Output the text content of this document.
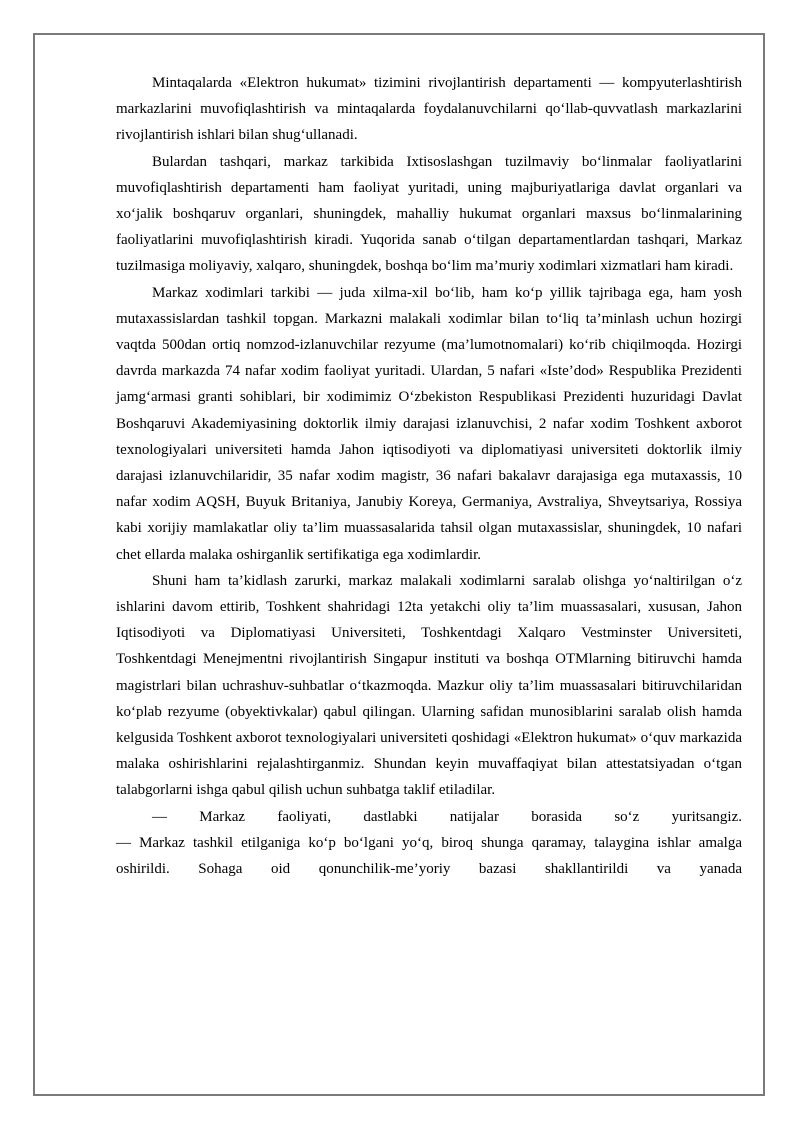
Mintaqalarda «Elektron hukumat» tizimini rivojlantirish departamenti — kompyuterlashtirish markazlarini muvofiqlashtirish va mintaqalarda foydalanuvchilarni qo‘llab-quvvatlash markazlarini rivojlantirish ishlari bilan shug‘ullanadi.

Bulardan tashqari, markaz tarkibida Ixtisoslashgan tuzilmaviy bo‘linmalar faoliyatlarini muvofiqlashtirish departamenti ham faoliyat yuritadi, uning majburiyatlariga davlat organlari va xo‘jalik boshqaruv organlari, shuningdek, mahalliy hukumat organlari maxsus bo‘linmalarining faoliyatlarini muvofiqlashtirish kiradi. Yuqorida sanab o‘tilgan departamentlardan tashqari, Markaz tuzilmasiga moliyaviy, xalqaro, shuningdek, boshqa bo‘lim ma’muriy xodimlari xizmatlari ham kiradi.

Markaz xodimlari tarkibi — juda xilma-xil bo‘lib, ham ko‘p yillik tajribaga ega, ham yosh mutaxassislardan tashkil topgan. Markazni malakali xodimlar bilan to‘liq ta’minlash uchun hozirgi vaqtda 500dan ortiq nomzod-izlanuvchilar rezyume (ma’lumotnomalari) ko‘rib chiqilmoqda. Hozirgi davrda markazda 74 nafar xodim faoliyat yuritadi. Ulardan, 5 nafari «Iste’dod» Respublika Prezidenti jamg‘armasi granti sohiblari, bir xodimimiz O‘zbekiston Respublikasi Prezidenti huzuridagi Davlat Boshqaruvi Akademiyasining doktorlik ilmiy darajasi izlanuvchisi, 2 nafar xodim Toshkent axborot texnologiyalari universiteti hamda Jahon iqtisodiyoti va diplomatiyasi universiteti doktorlik ilmiy darajasi izlanuvchilaridir, 35 nafar xodim magistr, 36 nafari bakalavr darajasiga ega mutaxassis, 10 nafar xodim AQSH, Buyuk Britaniya, Janubiy Koreya, Germaniya, Avstraliya, Shveytsariya, Rossiya kabi xorijiy mamlakatlar oliy ta’lim muassasalarida tahsil olgan mutaxassislar, shuningdek, 10 nafari chet ellarda malaka oshirganlik sertifikatiga ega xodimlardir.

Shuni ham ta’kidlash zarurki, markaz malakali xodimlarni saralab olishga yo‘naltirilgan o‘z ishlarini davom ettirib, Toshkent shahridagi 12ta yetakchi oliy ta’lim muassasalari, xususan, Jahon Iqtisodiyoti va Diplomatiyasi Universiteti, Toshkentdagi Xalqaro Vestminster Universiteti, Toshkentdagi Menejmentni rivojlantirish Singapur instituti va boshqa OTMlarning bitiruvchi hamda magistrlari bilan uchrashuv-suhbatlar o‘tkazmoqda. Mazkur oliy ta’lim muassasalari bitiruvchilaridan ko‘plab rezyume (obyektivkalar) qabul qilingan. Ularning safidan munosiblarini saralab olish hamda kelgusida Toshkent axborot texnologiyalari universiteti qoshidagi «Elektron hukumat» o‘quv markazida malaka oshirishlarini rejalashtirganmiz. Shundan keyin muvaffaqiyat bilan attestatsiyadan o‘tgan talabgorlarni ishga qabul qilish uchun suhbatga taklif etiladilar.

— Markaz faoliyati, dastlabki natijalar borasida so‘z yuritsangiz.

— Markaz tashkil etilganiga ko‘p bo‘lgani yo‘q, biroq shunga qaramay, talaygina ishlar amalga oshirildi. Sohaga oid qonunchilik-me’yoriy bazasi shakllantirildi va yanada
